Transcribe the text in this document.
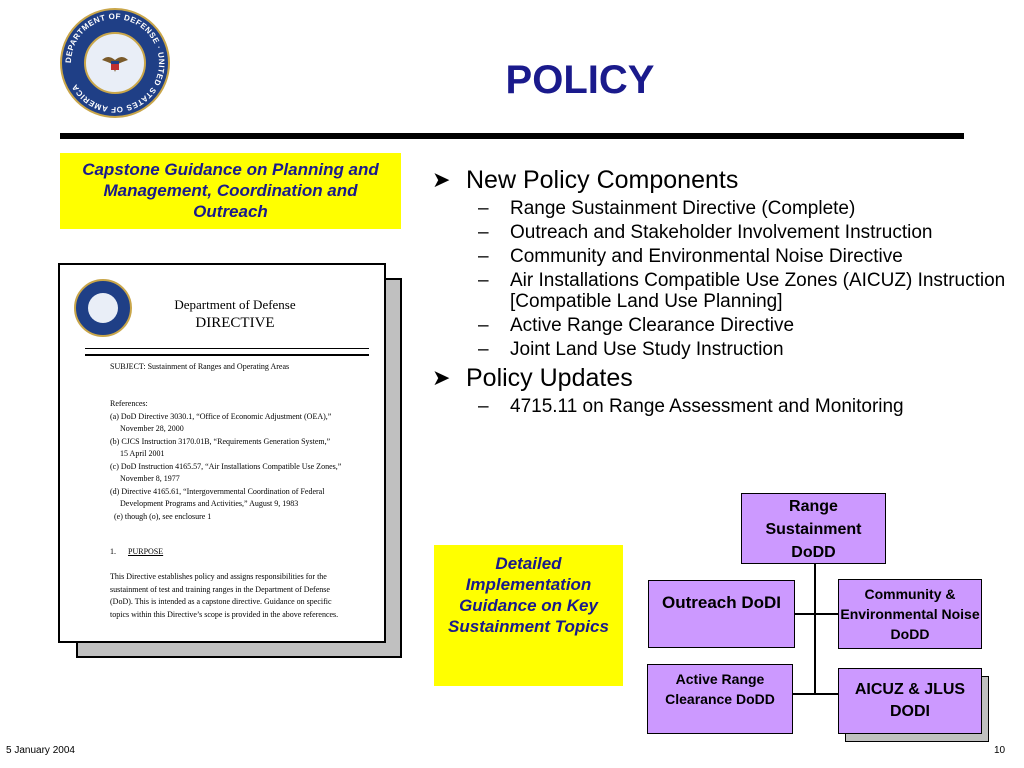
DEPARTMENT OF DEFENSE · UNITED STATES OF AMERICA	POLICY
Capstone Guidance on Planning and Management, Coordination and Outreach
Department of Defense
DIRECTIVE
SUBJECT: Sustainment of Ranges and Operating Areas
References:
(a) DoD Directive 3030.1, “Office of Economic Adjustment (OEA),”
November 28, 2000
(b) CJCS Instruction 3170.01B, “Requirements Generation System,”
15 April 2001
(c) DoD Instruction 4165.57, “Air Installations Compatible Use Zones,”
November 8, 1977
(d) Directive 4165.61, “Intergovernmental Coordination of Federal
Development Programs and Activities,” August 9, 1983
(e) though (o), see enclosure 1
1. PURPOSE
This Directive establishes policy and assigns responsibilities for the
sustainment of test and training ranges in the Department of Defense
(DoD). This is intended as a capstone directive. Guidance on specific
topics within this Directive’s scope is provided in the above references.
➤ New Policy Components
– Range Sustainment Directive (Complete)
– Outreach and Stakeholder Involvement Instruction
– Community and Environmental Noise Directive
– Air Installations Compatible Use Zones (AICUZ) Instruction [Compatible Land Use Planning]
– Active Range Clearance Directive
– Joint Land Use Study Instruction
➤ Policy Updates
– 4715.11 on Range Assessment and Monitoring
Detailed Implementation Guidance on Key Sustainment Topics
Range Sustainment DoDD
Outreach DoDI	Community & Environmental Noise DoDD
Active Range Clearance DoDD
AICUZ & JLUS DODI
5 January 2004	10
